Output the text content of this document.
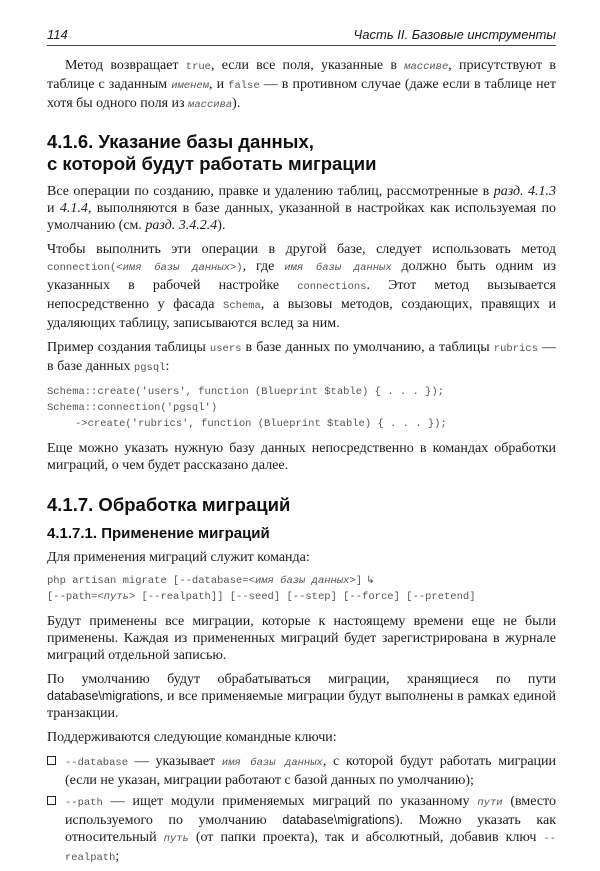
114	Часть II. Базовые инструменты

Метод возвращает true, если все поля, указанные в массиве, присутствуют в таблице с заданным именем, и false — в противном случае (даже если в таблице нет хотя бы одного поля из массива).

4.1.6. Указание базы данных,
с которой будут работать миграции

Все операции по созданию, правке и удалению таблиц, рассмотренные в разд. 4.1.3 и 4.1.4, выполняются в базе данных, указанной в настройках как используемая по умолчанию (см. разд. 3.4.2.4).

Чтобы выполнить эти операции в другой базе, следует использовать метод connection(<имя базы данных>), где имя базы данных должно быть одним из указанных в рабочей настройке connections. Этот метод вызывается непосредственно у фасада Schema, а вызовы методов, создающих, правящих и удаляющих таблицу, записываются вслед за ним.

Пример создания таблицы users в базе данных по умолчанию, а таблицы rubrics — в базе данных pgsql:

Schema::create('users', function (Blueprint $table) { . . . });
Schema::connection('pgsql')
->create('rubrics', function (Blueprint $table) { . . . });

Еще можно указать нужную базу данных непосредственно в командах обработки миграций, о чем будет рассказано далее.

4.1.7. Обработка миграций
4.1.7.1. Применение миграций

Для применения миграций служит команда:

php artisan migrate [--database=<имя базы данных>] ↳
[--path=<путь> [--realpath]] [--seed] [--step] [--force] [--pretend]

Будут применены все миграции, которые к настоящему времени еще не были применены. Каждая из примененных миграций будет зарегистрирована в журнале миграций отдельной записью.

По умолчанию будут обрабатываться миграции, хранящиеся по пути database\migrations, и все применяемые миграции будут выполнены в рамках единой транзакции.

Поддерживаются следующие командные ключи:

--database — указывает имя базы данных, с которой будут работать миграции (если не указан, миграции работают с базой данных по умолчанию);
--path — ищет модули применяемых миграций по указанному пути (вместо используемого по умолчанию database\migrations). Можно указать как относительный путь (от папки проекта), так и абсолютный, добавив ключ --realpath;
